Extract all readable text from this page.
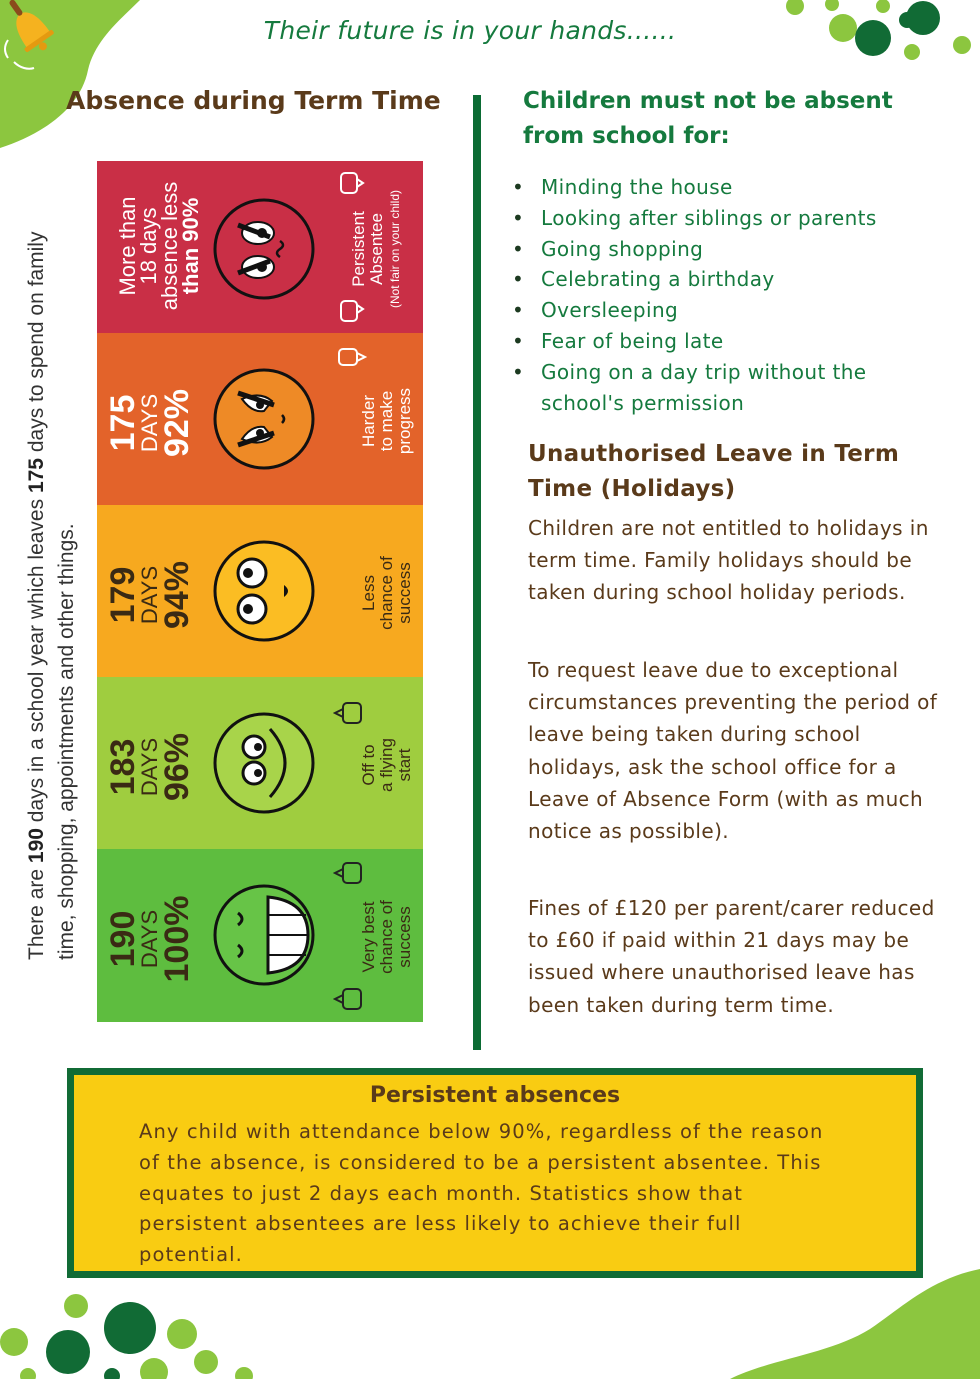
Their future is in your hands......
Absence during Term Time
There are 190 days in a school year which leaves 175 days to spend on family time, shopping, appointments and other things.
More than
18 days
absence less
than 90%	Persistent Absentee (Not fair on your child)
175
DAYS
92%	Harder to make progress
179
DAYS
94%	Less chance of success
183
DAYS
96%	Off to a flying start
190
DAYS
100%	Very best chance of success
Children must not be absent from school for:
• Minding the house
• Looking after siblings or parents
• Going shopping
• Celebrating a birthday
• Oversleeping
• Fear of being late
• Going on a day trip without the school's permission
Unauthorised Leave in Term Time (Holidays)
Children are not entitled to holidays in term time. Family holidays should be taken during school holiday periods.
To request leave due to exceptional circumstances preventing the period of leave being taken during school holidays, ask the school office for a Leave of Absence Form (with as much notice as possible).
Fines of £120 per parent/carer reduced to £60 if paid within 21 days may be issued where unauthorised leave has been taken during term time.
Persistent absences
Any child with attendance below 90%, regardless of the reason of the absence, is considered to be a persistent absentee. This equates to just 2 days each month. Statistics show that persistent absentees are less likely to achieve their full potential.
